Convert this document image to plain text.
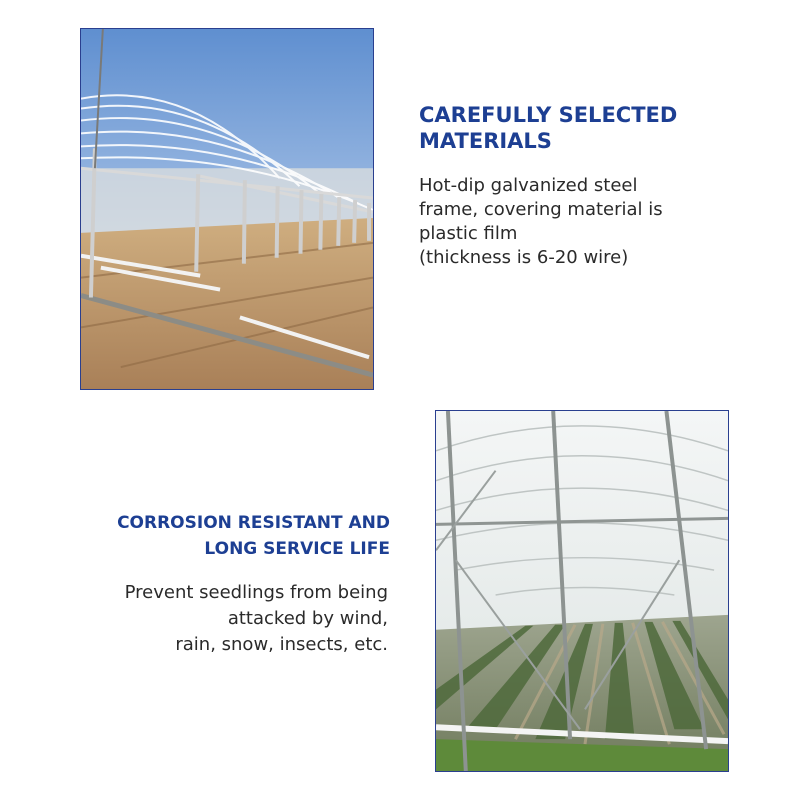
CAREFULLY SELECTED
MATERIALS

Hot-dip galvanized steel
frame, covering material is
plastic film
(thickness is 6-20 wire)

CORROSION RESISTANT AND
LONG SERVICE LIFE

Prevent seedlings from being
attacked by wind,
rain, snow, insects, etc.
